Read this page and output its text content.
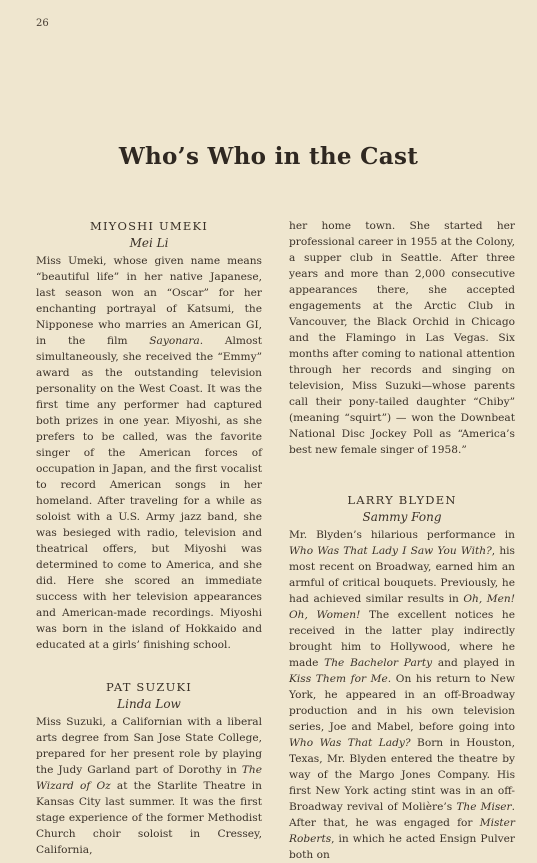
26
Who’s Who in the Cast
MIYOSHI UMEKI
Mei Li

Miss Umeki, whose given name means “beautiful life” in her native Japanese, last season won an “Oscar” for her enchanting portrayal of Katsumi, the Nipponese who marries an American GI, in the film Sayonara. Almost simultaneously, she received the “Emmy” award as the outstanding television personality on the West Coast. It was the first time any performer had captured both prizes in one year. Miyoshi, as she prefers to be called, was the favorite singer of the American forces of occupation in Japan, and the first vocalist to record American songs in her homeland. After traveling for a while as soloist with a U.S. Army jazz band, she was besieged with radio, television and theatrical offers, but Miyoshi was determined to come to America, and she did. Here she scored an immediate success with her television appearances and American-made recordings. Miyoshi was born in the island of Hokkaido and educated at a girls’ finishing school.

PAT SUZUKI
Linda Low

Miss Suzuki, a Californian with a liberal arts degree from San Jose State College, prepared for her present role by playing the Judy Garland part of Dorothy in The Wizard of Oz at the Starlite Theatre in Kansas City last summer. It was the first stage experience of the former Methodist Church choir soloist in Cressey, California,

her home town. She started her professional career in 1955 at the Colony, a supper club in Seattle. After three years and more than 2,000 consecutive appearances there, she accepted engagements at the Arctic Club in Vancouver, the Black Orchid in Chicago and the Flamingo in Las Vegas. Six months after coming to national attention through her records and singing on television, Miss Suzuki—whose parents call their pony-tailed daughter “Chiby” (meaning “squirt”) — won the Downbeat National Disc Jockey Poll as “America’s best new female singer of 1958.”

LARRY BLYDEN
Sammy Fong

Mr. Blyden’s hilarious performance in Who Was That Lady I Saw You With?, his most recent on Broadway, earned him an armful of critical bouquets. Previously, he had achieved similar results in Oh, Men! Oh, Women! The excellent notices he received in the latter play indirectly brought him to Hollywood, where he made The Bachelor Party and played in Kiss Them for Me. On his return to New York, he appeared in an off-Broadway production and in his own television series, Joe and Mabel, before going into Who Was That Lady? Born in Houston, Texas, Mr. Blyden entered the theatre by way of the Margo Jones Company. His first New York acting stint was in an off-Broadway revival of Molière’s The Miser. After that, he was engaged for Mister Roberts, in which he acted Ensign Pulver both on
